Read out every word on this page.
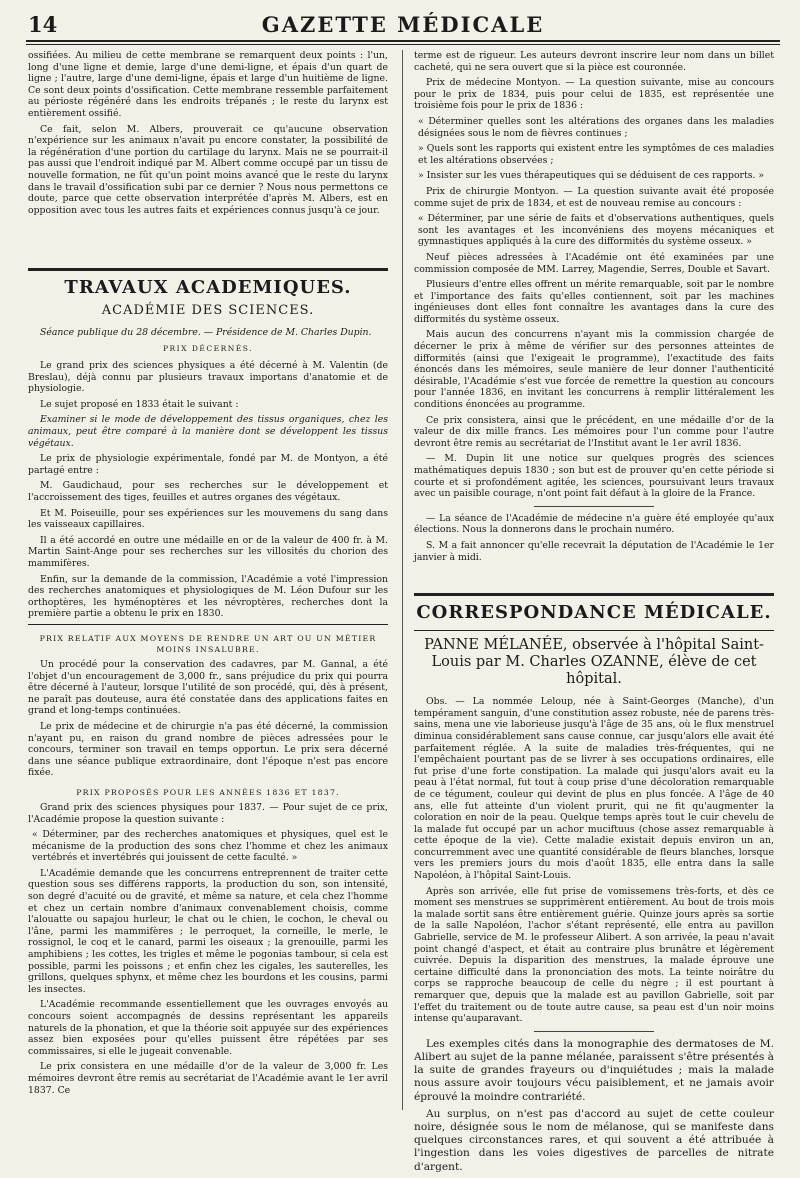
14	GAZETTE MÉDICALE

ossifiées. Au milieu de cette membrane se remarquent deux points : l'un, long d'une ligne et demie, large d'une demi-ligne, et épais d'un quart de ligne ; l'autre, large d'une demi-ligne, épais et large d'un huitième de ligne. Ce sont deux points d'ossification. Cette membrane ressemble parfaitement au périoste régénéré dans les endroits trépanés ; le reste du larynx est entièrement ossifié.

Ce fait, selon M. Albers, prouverait ce qu'aucune observation n'expérience sur les animaux n'avait pu encore constater, la possibilité de la régénération d'une portion du cartilage du larynx. Mais ne se pourrait-il pas aussi que l'endroit indiqué par M. Albert comme occupé par un tissu de nouvelle formation, ne fût qu'un point moins avancé que le reste du larynx dans le travail d'ossification subi par ce dernier ? Nous nous permettons ce doute, parce que cette observation interprétée d'après M. Albers, est en opposition avec tous les autres faits et expériences connus jusqu'à ce jour.

TRAVAUX ACADEMIQUES.
ACADÉMIE DES SCIENCES.

Séance publique du 28 décembre. — Présidence de M. Charles Dupin.

PRIX DÉCERNÉS.

Le grand prix des sciences physiques a été décerné à M. Valentin (de Breslau), déjà connu par plusieurs travaux importans d'anatomie et de physiologie.

Le sujet proposé en 1833 était le suivant :

Examiner si le mode de développement des tissus organiques, chez les animaux, peut être comparé à la manière dont se développent les tissus végétaux.

Le prix de physiologie expérimentale, fondé par M. de Montyon, a été partagé entre :

M. Gaudichaud, pour ses recherches sur le développement et l'accroissement des tiges, feuilles et autres organes des végétaux.

Et M. Poiseuille, pour ses expériences sur les mouvemens du sang dans les vaisseaux capillaires.

Il a été accordé en outre une médaille en or de la valeur de 400 fr. à M. Martin Saint-Ange pour ses recherches sur les villosités du chorion des mammifères.

Enfin, sur la demande de la commission, l'Académie a voté l'impression des recherches anatomiques et physiologiques de M. Léon Dufour sur les orthoptères, les hyménoptères et les névroptères, recherches dont la première partie a obtenu le prix en 1830.

PRIX RELATIF AUX MOYENS DE RENDRE UN ART OU UN MÉTIER MOINS INSALUBRE.

Un procédé pour la conservation des cadavres, par M. Gannal, a été l'objet d'un encouragement de 3,000 fr., sans préjudice du prix qui pourra être décerné à l'auteur, lorsque l'utilité de son procédé, qui, dès à présent, ne paraît pas douteuse, aura été constatée dans des applications faites en grand et long-temps continuées.

Le prix de médecine et de chirurgie n'a pas été décerné, la commission n'ayant pu, en raison du grand nombre de pièces adressées pour le concours, terminer son travail en temps opportun. Le prix sera décerné dans une séance publique extraordinaire, dont l'époque n'est pas encore fixée.

PRIX PROPOSÉS POUR LES ANNÉES 1836 ET 1837.

Grand prix des sciences physiques pour 1837. — Pour sujet de ce prix, l'Académie propose la question suivante :

« Déterminer, par des recherches anatomiques et physiques, quel est le mécanisme de la production des sons chez l'homme et chez les animaux vertébrés et invertébrés qui jouissent de cette faculté. »

L'Académie demande que les concurrens entreprennent de traiter cette question sous ses différens rapports, la production du son, son intensité, son degré d'acuité ou de gravité, et même sa nature, et cela chez l'homme et chez un certain nombre d'animaux convenablement choisis, comme l'alouatte ou sapajou hurleur, le chat ou le chien, le cochon, le cheval ou l'âne, parmi les mammifères ; le perroquet, la corneille, le merle, le rossignol, le coq et le canard, parmi les oiseaux ; la grenouille, parmi les amphibiens ; les cottes, les trigles et même le pogonias tambour, si cela est possible, parmi les poissons ; et enfin chez les cigales, les sauterelles, les grillons, quelques sphynx, et même chez les bourdons et les cousins, parmi les insectes.

L'Académie recommande essentiellement que les ouvrages envoyés au concours soient accompagnés de dessins représentant les appareils naturels de la phonation, et que la théorie soit appuyée sur des expériences assez bien exposées pour qu'elles puissent être répétées par ses commissaires, si elle le jugeait convenable.

Le prix consistera en une médaille d'or de la valeur de 3,000 fr. Les mémoires devront être remis au secrétariat de l'Académie avant le 1er avril 1837. Ce

terme est de rigueur. Les auteurs devront inscrire leur nom dans un billet cacheté, qui ne sera ouvert que si la pièce est couronnée.

Prix de médecine Montyon. — La question suivante, mise au concours pour le prix de 1834, puis pour celui de 1835, est représentée une troisième fois pour le prix de 1836 :

« Déterminer quelles sont les altérations des organes dans les maladies désignées sous le nom de fièvres continues ;

» Quels sont les rapports qui existent entre les symptômes de ces maladies et les altérations observées ;

» Insister sur les vues thérapeutiques qui se déduisent de ces rapports. »

Prix de chirurgie Montyon. — La question suivante avait été proposée comme sujet de prix de 1834, et est de nouveau remise au concours :

« Déterminer, par une série de faits et d'observations authentiques, quels sont les avantages et les inconvéniens des moyens mécaniques et gymnastiques appliqués à la cure des difformités du système osseux. »

Neuf pièces adressées à l'Académie ont été examinées par une commission composée de MM. Larrey, Magendie, Serres, Double et Savart.

Plusieurs d'entre elles offrent un mérite remarquable, soit par le nombre et l'importance des faits qu'elles contiennent, soit par les machines ingénieuses dont elles font connaître les avantages dans la cure des difformités du système osseux.

Mais aucun des concurrens n'ayant mis la commission chargée de décerner le prix à même de vérifier sur des personnes atteintes de difformités (ainsi que l'exigeait le programme), l'exactitude des faits énoncés dans les mémoires, seule manière de leur donner l'authenticité désirable, l'Académie s'est vue forcée de remettre la question au concours pour l'année 1836, en invitant les concurrens à remplir littéralement les conditions énoncées au programme.

Ce prix consistera, ainsi que le précédent, en une médaille d'or de la valeur de dix mille francs. Les mémoires pour l'un comme pour l'autre devront être remis au secrétariat de l'Institut avant le 1er avril 1836.

— M. Dupin lit une notice sur quelques progrès des sciences mathématiques depuis 1830 ; son but est de prouver qu'en cette période si courte et si profondément agitée, les sciences, poursuivant leurs travaux avec un paisible courage, n'ont point fait défaut à la gloire de la France.

— La séance de l'Académie de médecine n'a guère été employée qu'aux élections. Nous la donnerons dans le prochain numéro.

S. M a fait annoncer qu'elle recevrait la députation de l'Académie le 1er janvier à midi.

CORRESPONDANCE MÉDICALE.

PANNE MÉLANÉE, observée à l'hôpital Saint-Louis par M. Charles OZANNE, élève de cet hôpital.

Obs. — La nommée Leloup, née à Saint-Georges (Manche), d'un tempérament sanguin, d'une constitution assez robuste, née de parens très-sains, mena une vie laborieuse jusqu'à l'âge de 35 ans, où le flux menstruel diminua considérablement sans cause connue, car jusqu'alors elle avait été parfaitement réglée. A la suite de maladies très-fréquentes, qui ne l'empêchaient pourtant pas de se livrer à ses occupations ordinaires, elle fut prise d'une forte constipation. La malade qui jusqu'alors avait eu la peau à l'état normal, fut tout à coup prise d'une décoloration remarquable de ce tégument, couleur qui devint de plus en plus foncée. A l'âge de 40 ans, elle fut atteinte d'un violent prurit, qui ne fit qu'augmenter la coloration en noir de la peau. Quelque temps après tout le cuir chevelu de la malade fut occupé par un achor muciftuus (chose assez remarquable à cette époque de la vie). Cette maladie existait depuis environ un an, concurremment avec une quantité considérable de fleurs blanches, lorsque vers les premiers jours du mois d'août 1835, elle entra dans la salle Napoléon, à l'hôpital Saint-Louis.

Après son arrivée, elle fut prise de vomissemens très-forts, et dès ce moment ses menstrues se supprimèrent entièrement. Au bout de trois mois la malade sortit sans être entièrement guérie. Quinze jours après sa sortie de la salle Napoléon, l'achor s'étant représenté, elle entra au pavillon Gabrielle, service de M. le professeur Alibert. A son arrivée, la peau n'avait point changé d'aspect, et était au contraire plus brunâtre et légèrement cuivrée. Depuis la disparition des menstrues, la malade éprouve une certaine difficulté dans la prononciation des mots. La teinte noirâtre du corps se rapproche beaucoup de celle du nègre ; il est pourtant à remarquer que, depuis que la malade est au pavillon Gabrielle, soit par l'effet du traitement ou de toute autre cause, sa peau est d'un noir moins intense qu'auparavant.

Les exemples cités dans la monographie des dermatoses de M. Alibert au sujet de la panne mélanée, paraissent s'être présentés à la suite de grandes frayeurs ou d'inquiétudes ; mais la malade nous assure avoir toujours vécu paisiblement, et ne jamais avoir éprouvé la moindre contrariété.

Au surplus, on n'est pas d'accord au sujet de cette couleur noire, désignée sous le nom de mélanose, qui se manifeste dans quelques circonstances rares, et qui souvent a été attribuée à l'ingestion dans les voies digestives de parcelles de nitrate d'argent.
